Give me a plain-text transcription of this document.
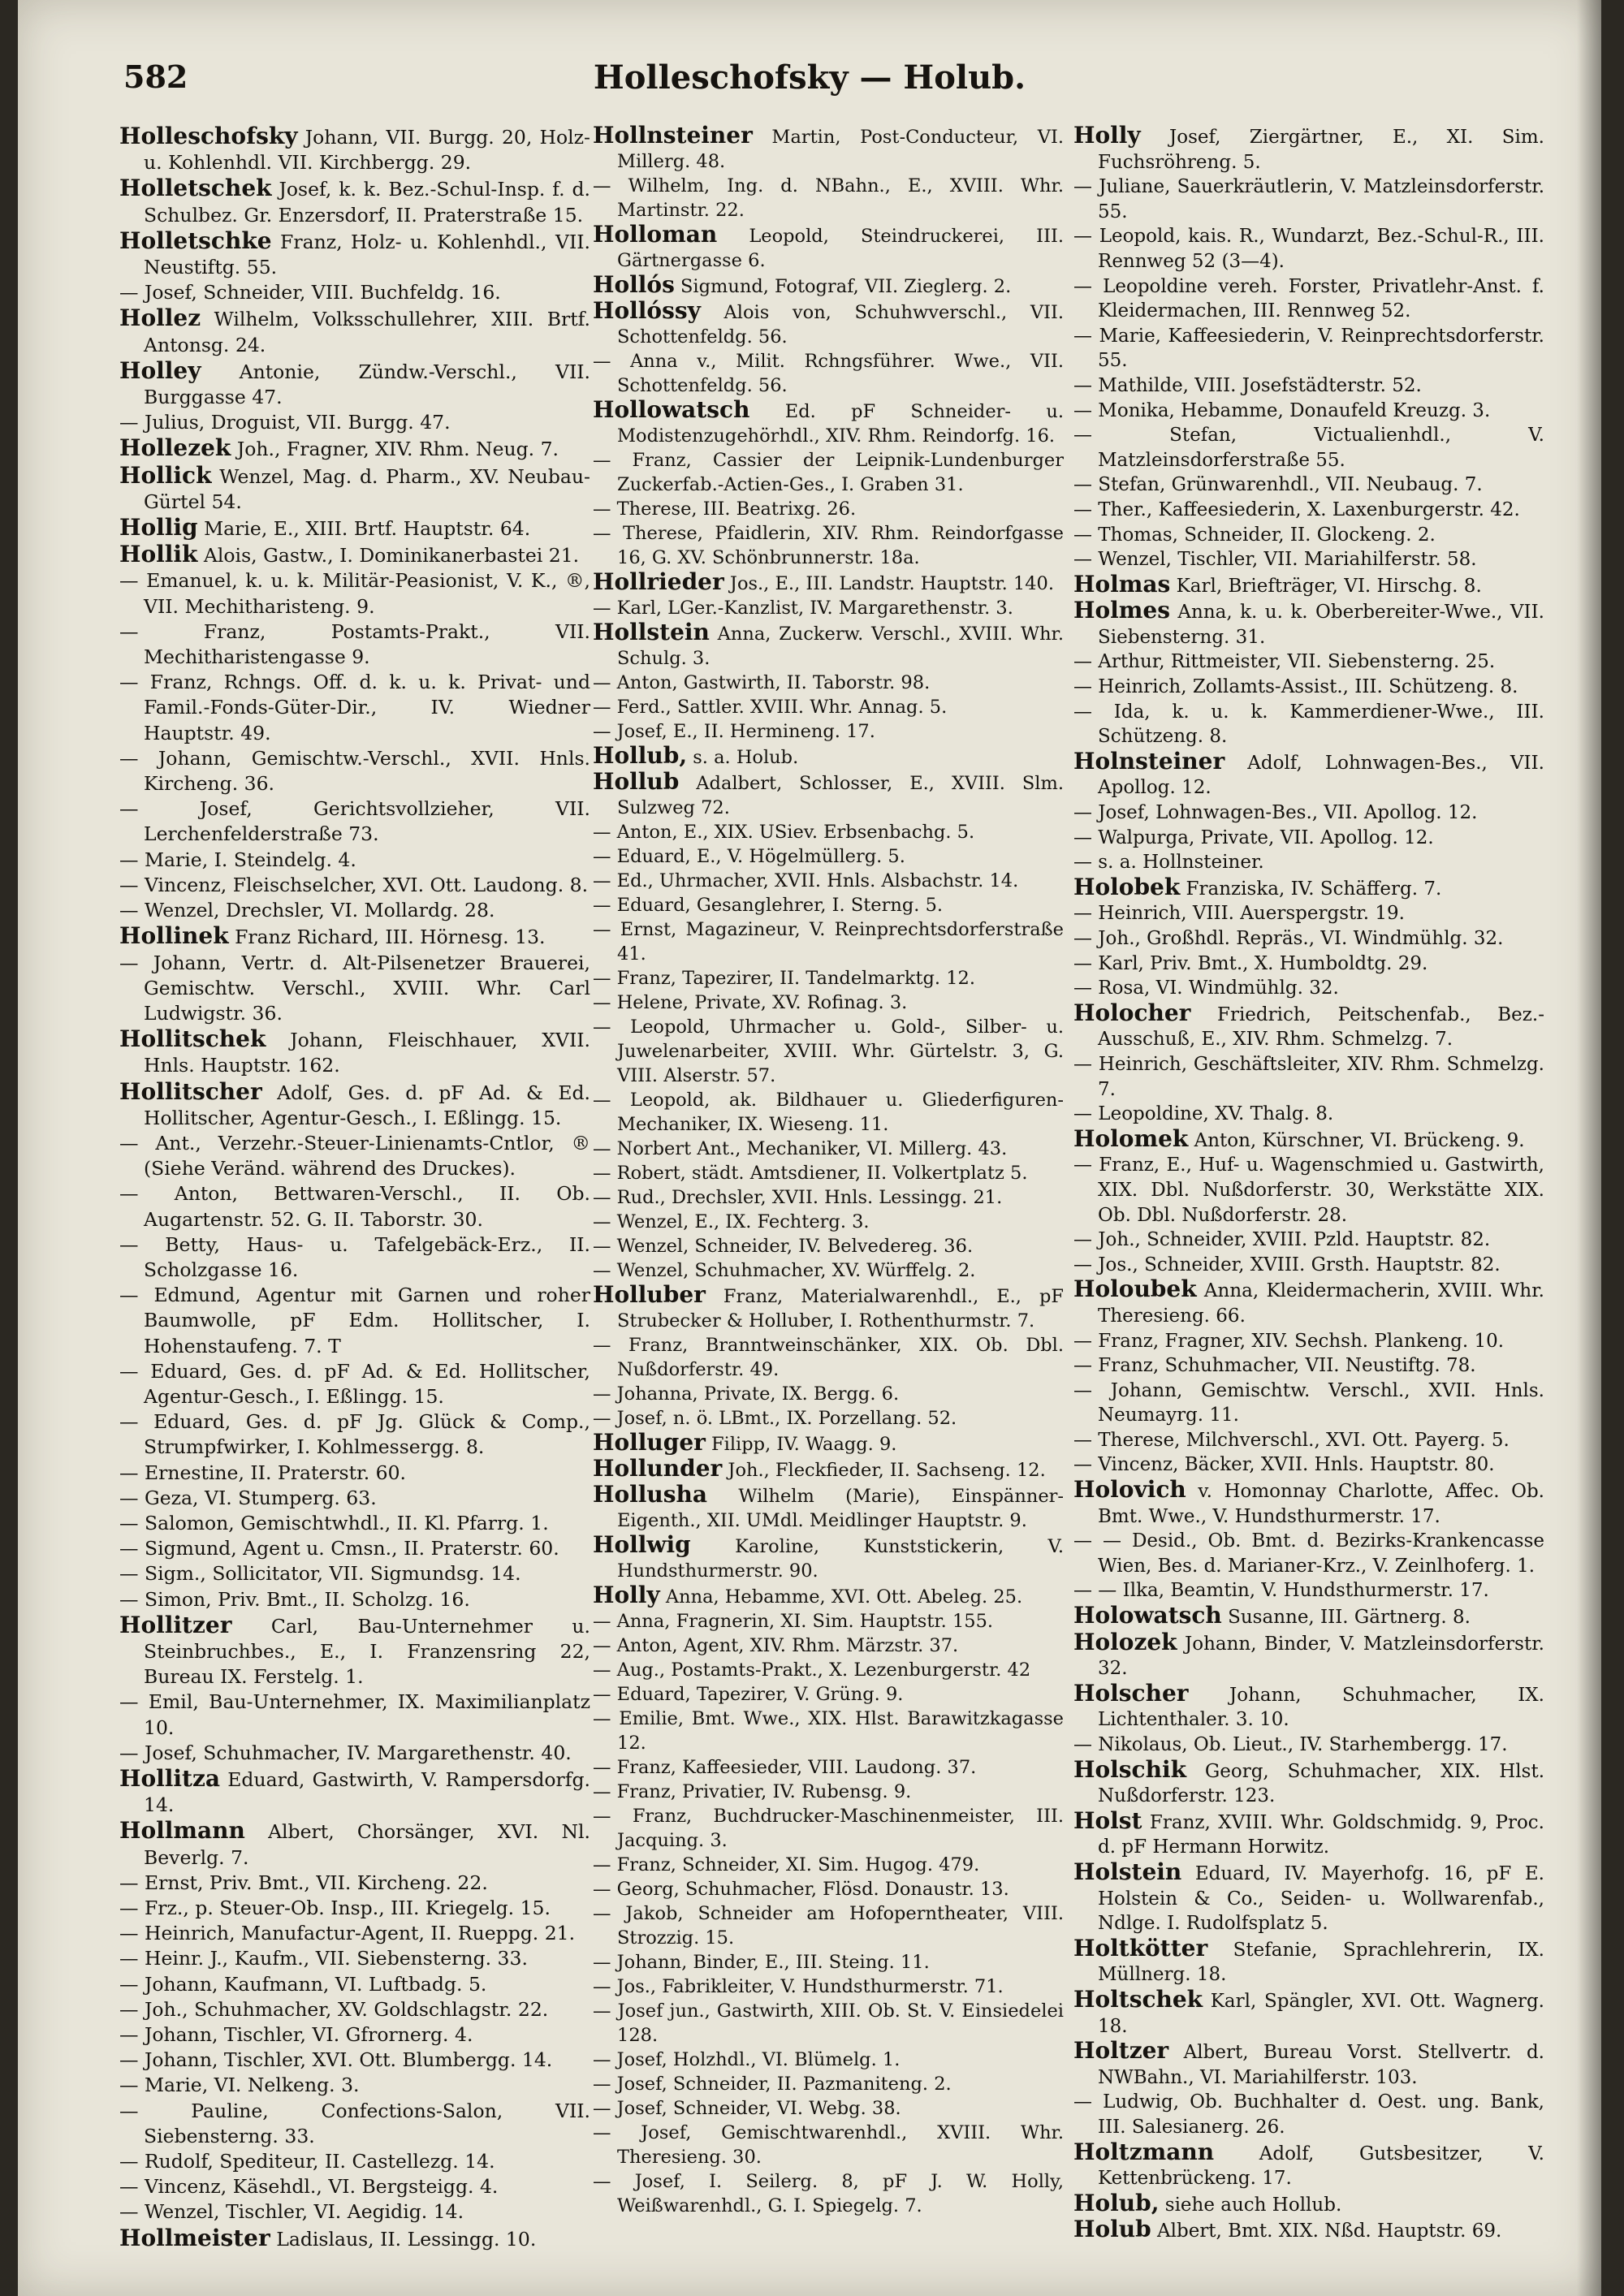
582	Holleschofsky — Holub.
Holleschofsky Johann, VII. Burgg. 20, Holz- u. Kohlenhdl. VII. Kirchbergg. 29.
Holletschek Josef, k. k. Bez.-Schul-Insp. f. d. Schulbez. Gr. Enzersdorf, II. Praterstraße 15.
Holletschke Franz, Holz- u. Kohlenhdl., VII. Neustiftg. 55.
— Josef, Schneider, VIII. Buchfeldg. 16.
Hollez Wilhelm, Volksschullehrer, XIII. Brtf. Antonsg. 24.
Holley Antonie, Zündw.-Verschl., VII. Burggasse 47.
— Julius, Droguist, VII. Burgg. 47.
Hollezek Joh., Fragner, XIV. Rhm. Neug. 7.
Hollick Wenzel, Mag. d. Pharm., XV. Neubau-Gürtel 54.
Hollig Marie, E., XIII. Brtf. Hauptstr. 64.
Hollik Alois, Gastw., I. Dominikanerbastei 21.
— Emanuel, k. u. k. Militär-Peasionist, V. K., ®, VII. Mechitharisteng. 9.
— Franz, Postamts-Prakt., VII. Mechitharistengasse 9.
— Franz, Rchngs. Off. d. k. u. k. Privat- und Famil.-Fonds-Güter-Dir., IV. Wiedner Hauptstr. 49.
— Johann, Gemischtw.-Verschl., XVII. Hnls. Kircheng. 36.
— Josef, Gerichtsvollzieher, VII. Lerchenfelderstraße 73.
— Marie, I. Steindelg. 4.
— Vincenz, Fleischselcher, XVI. Ott. Laudong. 8.
— Wenzel, Drechsler, VI. Mollardg. 28.
Hollinek Franz Richard, III. Hörnesg. 13.
— Johann, Vertr. d. Alt-Pilsenetzer Brauerei, Gemischtw. Verschl., XVIII. Whr. Carl Ludwigstr. 36.
Hollitschek Johann, Fleischhauer, XVII. Hnls. Hauptstr. 162.
Hollitscher Adolf, Ges. d. pF Ad. & Ed. Hollitscher, Agentur-Gesch., I. Eßlingg. 15.
— Ant., Verzehr.-Steuer-Linienamts-Cntlor, ® (Siehe Veränd. während des Druckes).
— Anton, Bettwaren-Verschl., II. Ob. Augartenstr. 52. G. II. Taborstr. 30.
— Betty, Haus- u. Tafelgebäck-Erz., II. Scholzgasse 16.
— Edmund, Agentur mit Garnen und roher Baumwolle, pF Edm. Hollitscher, I. Hohenstaufeng. 7. T
— Eduard, Ges. d. pF Ad. & Ed. Hollitscher, Agentur-Gesch., I. Eßlingg. 15.
— Eduard, Ges. d. pF Jg. Glück & Comp., Strumpfwirker, I. Kohlmessergg. 8.
— Ernestine, II. Praterstr. 60.
— Geza, VI. Stumperg. 63.
— Salomon, Gemischtwhdl., II. Kl. Pfarrg. 1.
— Sigmund, Agent u. Cmsn., II. Praterstr. 60.
— Sigm., Sollicitator, VII. Sigmundsg. 14.
— Simon, Priv. Bmt., II. Scholzg. 16.
Hollitzer Carl, Bau-Unternehmer u. Steinbruchbes., E., I. Franzensring 22, Bureau IX. Ferstelg. 1.
— Emil, Bau-Unternehmer, IX. Maximilianplatz 10.
— Josef, Schuhmacher, IV. Margarethenstr. 40.
Hollitza Eduard, Gastwirth, V. Rampersdorfg. 14.
Hollmann Albert, Chorsänger, XVI. Nl. Beverlg. 7.
— Ernst, Priv. Bmt., VII. Kircheng. 22.
— Frz., p. Steuer-Ob. Insp., III. Kriegelg. 15.
— Heinrich, Manufactur-Agent, II. Rueppg. 21.
— Heinr. J., Kaufm., VII. Siebensterng. 33.
— Johann, Kaufmann, VI. Luftbadg. 5.
— Joh., Schuhmacher, XV. Goldschlagstr. 22.
— Johann, Tischler, VI. Gfrornerg. 4.
— Johann, Tischler, XVI. Ott. Blumbergg. 14.
— Marie, VI. Nelkeng. 3.
— Pauline, Confections-Salon, VII. Siebensterng. 33.
— Rudolf, Spediteur, II. Castellezg. 14.
— Vincenz, Käsehdl., VI. Bergsteigg. 4.
— Wenzel, Tischler, VI. Aegidig. 14.
Hollmeister Ladislaus, II. Lessingg. 10.
Hollnsteiner Martin, Post-Conducteur, VI. Millerg. 48.
— Wilhelm, Ing. d. NBahn., E., XVIII. Whr. Martinstr. 22.
Holloman Leopold, Steindruckerei, III. Gärtnergasse 6.
Hollós Sigmund, Fotograf, VII. Zieglerg. 2.
Hollóssy Alois von, Schuhwverschl., VII. Schottenfeldg. 56.
— Anna v., Milit. Rchngsführer. Wwe., VII. Schottenfeldg. 56.
Hollowatsch Ed. pF Schneider- u. Modistenzugehörhdl., XIV. Rhm. Reindorfg. 16.
— Franz, Cassier der Leipnik-Lundenburger Zuckerfab.-Actien-Ges., I. Graben 31.
— Therese, III. Beatrixg. 26.
— Therese, Pfaidlerin, XIV. Rhm. Reindorfgasse 16, G. XV. Schönbrunnerstr. 18a.
Hollrieder Jos., E., III. Landstr. Hauptstr. 140.
— Karl, LGer.-Kanzlist, IV. Margarethenstr. 3.
Hollstein Anna, Zuckerw. Verschl., XVIII. Whr. Schulg. 3.
— Anton, Gastwirth, II. Taborstr. 98.
— Ferd., Sattler. XVIII. Whr. Annag. 5.
— Josef, E., II. Hermineng. 17.
Hollub, s. a. Holub.
Hollub Adalbert, Schlosser, E., XVIII. Slm. Sulzweg 72.
— Anton, E., XIX. USiev. Erbsenbachg. 5.
— Eduard, E., V. Högelmüllerg. 5.
— Ed., Uhrmacher, XVII. Hnls. Alsbachstr. 14.
— Eduard, Gesanglehrer, I. Sterng. 5.
— Ernst, Magazineur, V. Reinprechtsdorferstraße 41.
— Franz, Tapezirer, II. Tandelmarktg. 12.
— Helene, Private, XV. Rofinag. 3.
— Leopold, Uhrmacher u. Gold-, Silber- u. Juwelenarbeiter, XVIII. Whr. Gürtelstr. 3, G. VIII. Alserstr. 57.
— Leopold, ak. Bildhauer u. Gliederfiguren-Mechaniker, IX. Wieseng. 11.
— Norbert Ant., Mechaniker, VI. Millerg. 43.
— Robert, städt. Amtsdiener, II. Volkertplatz 5.
— Rud., Drechsler, XVII. Hnls. Lessingg. 21.
— Wenzel, E., IX. Fechterg. 3.
— Wenzel, Schneider, IV. Belvedereg. 36.
— Wenzel, Schuhmacher, XV. Würffelg. 2.
Holluber Franz, Materialwarenhdl., E., pF Strubecker & Holluber, I. Rothenthurmstr. 7.
— Franz, Branntweinschänker, XIX. Ob. Dbl. Nußdorferstr. 49.
— Johanna, Private, IX. Bergg. 6.
— Josef, n. ö. LBmt., IX. Porzellang. 52.
Holluger Filipp, IV. Waagg. 9.
Hollunder Joh., Fleckfieder, II. Sachseng. 12.
Hollusha Wilhelm (Marie), Einspänner-Eigenth., XII. UMdl. Meidlinger Hauptstr. 9.
Hollwig Karoline, Kunststickerin, V. Hundsthurmerstr. 90.
Holly Anna, Hebamme, XVI. Ott. Abeleg. 25.
— Anna, Fragnerin, XI. Sim. Hauptstr. 155.
— Anton, Agent, XIV. Rhm. Märzstr. 37.
— Aug., Postamts-Prakt., X. Lezenburgerstr. 42
— Eduard, Tapezirer, V. Grüng. 9.
— Emilie, Bmt. Wwe., XIX. Hlst. Barawitzkagasse 12.
— Franz, Kaffeesieder, VIII. Laudong. 37.
— Franz, Privatier, IV. Rubensg. 9.
— Franz, Buchdrucker-Maschinenmeister, III. Jacquing. 3.
— Franz, Schneider, XI. Sim. Hugog. 479.
— Georg, Schuhmacher, Flösd. Donaustr. 13.
— Jakob, Schneider am Hofoperntheater, VIII. Strozzig. 15.
— Johann, Binder, E., III. Steing. 11.
— Jos., Fabrikleiter, V. Hundsthurmerstr. 71.
— Josef jun., Gastwirth, XIII. Ob. St. V. Einsiedelei 128.
— Josef, Holzhdl., VI. Blümelg. 1.
— Josef, Schneider, II. Pazmaniteng. 2.
— Josef, Schneider, VI. Webg. 38.
— Josef, Gemischtwarenhdl., XVIII. Whr. Theresieng. 30.
— Josef, I. Seilerg. 8, pF J. W. Holly, Weißwarenhdl., G. I. Spiegelg. 7.
Holly Josef, Ziergärtner, E., XI. Sim. Fuchsröhreng. 5.
— Juliane, Sauerkräutlerin, V. Matzleinsdorferstr. 55.
— Leopold, kais. R., Wundarzt, Bez.-Schul-R., III. Rennweg 52 (3—4).
— Leopoldine vereh. Forster, Privatlehr-Anst. f. Kleidermachen, III. Rennweg 52.
— Marie, Kaffeesiederin, V. Reinprechtsdorferstr. 55.
— Mathilde, VIII. Josefstädterstr. 52.
— Monika, Hebamme, Donaufeld Kreuzg. 3.
— Stefan, Victualienhdl., V. Matzleinsdorferstraße 55.
— Stefan, Grünwarenhdl., VII. Neubaug. 7.
— Ther., Kaffeesiederin, X. Laxenburgerstr. 42.
— Thomas, Schneider, II. Glockeng. 2.
— Wenzel, Tischler, VII. Mariahilferstr. 58.
Holmas Karl, Briefträger, VI. Hirschg. 8.
Holmes Anna, k. u. k. Oberbereiter-Wwe., VII. Siebensterng. 31.
— Arthur, Rittmeister, VII. Siebensterng. 25.
— Heinrich, Zollamts-Assist., III. Schützeng. 8.
— Ida, k. u. k. Kammerdiener-Wwe., III. Schützeng. 8.
Holnsteiner Adolf, Lohnwagen-Bes., VII. Apollog. 12.
— Josef, Lohnwagen-Bes., VII. Apollog. 12.
— Walpurga, Private, VII. Apollog. 12.
— s. a. Hollnsteiner.
Holobek Franziska, IV. Schäfferg. 7.
— Heinrich, VIII. Auerspergstr. 19.
— Joh., Großhdl. Repräs., VI. Windmühlg. 32.
— Karl, Priv. Bmt., X. Humboldtg. 29.
— Rosa, VI. Windmühlg. 32.
Holocher Friedrich, Peitschenfab., Bez.-Ausschuß, E., XIV. Rhm. Schmelzg. 7.
— Heinrich, Geschäftsleiter, XIV. Rhm. Schmelzg. 7.
— Leopoldine, XV. Thalg. 8.
Holomek Anton, Kürschner, VI. Brückeng. 9.
— Franz, E., Huf- u. Wagenschmied u. Gastwirth, XIX. Dbl. Nußdorferstr. 30, Werkstätte XIX. Ob. Dbl. Nußdorferstr. 28.
— Joh., Schneider, XVIII. Pzld. Hauptstr. 82.
— Jos., Schneider, XVIII. Grsth. Hauptstr. 82.
Holoubek Anna, Kleidermacherin, XVIII. Whr. Theresieng. 66.
— Franz, Fragner, XIV. Sechsh. Plankeng. 10.
— Franz, Schuhmacher, VII. Neustiftg. 78.
— Johann, Gemischtw. Verschl., XVII. Hnls. Neumayrg. 11.
— Therese, Milchverschl., XVI. Ott. Payerg. 5.
— Vincenz, Bäcker, XVII. Hnls. Hauptstr. 80.
Holovich v. Homonnay Charlotte, Affec. Ob. Bmt. Wwe., V. Hundsthurmerstr. 17.
— — Desid., Ob. Bmt. d. Bezirks-Krankencasse Wien, Bes. d. Marianer-Krz., V. Zeinlhoferg. 1.
— — Ilka, Beamtin, V. Hundsthurmerstr. 17.
Holowatsch Susanne, III. Gärtnerg. 8.
Holozek Johann, Binder, V. Matzleinsdorferstr. 32.
Holscher Johann, Schuhmacher, IX. Lichtenthaler. 3. 10.
— Nikolaus, Ob. Lieut., IV. Starhembergg. 17.
Holschik Georg, Schuhmacher, XIX. Hlst. Nußdorferstr. 123.
Holst Franz, XVIII. Whr. Goldschmidg. 9, Proc. d. pF Hermann Horwitz.
Holstein Eduard, IV. Mayerhofg. 16, pF E. Holstein & Co., Seiden- u. Wollwarenfab., Ndlge. I. Rudolfsplatz 5.
Holtkötter Stefanie, Sprachlehrerin, IX. Müllnerg. 18.
Holtschek Karl, Spängler, XVI. Ott. Wagnerg. 18.
Holtzer Albert, Bureau Vorst. Stellvertr. d. NWBahn., VI. Mariahilferstr. 103.
— Ludwig, Ob. Buchhalter d. Oest. ung. Bank, III. Salesianerg. 26.
Holtzmann Adolf, Gutsbesitzer, V. Kettenbrückeng. 17.
Holub, siehe auch Hollub.
Holub Albert, Bmt. XIX. Nßd. Hauptstr. 69.
